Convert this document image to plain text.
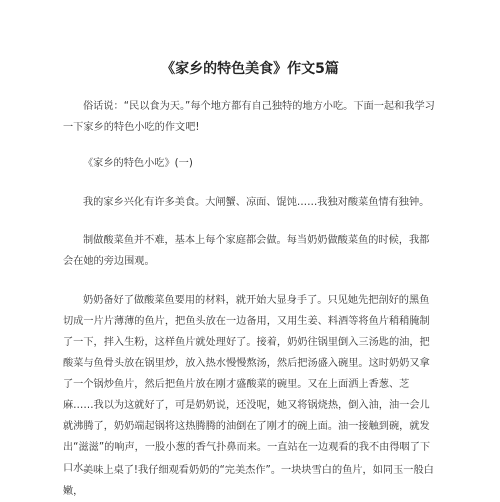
《家乡的特色美食》作文5篇

俗话说：“民以食为天。”每个地方都有自己独特的地方小吃。下面一起和我学习一下家乡的特色小吃的作文吧!

《家乡的特色小吃》(一)

我的家乡兴化有许多美食。大闸蟹、凉面、馄饨……我独对酸菜鱼情有独钟。

制做酸菜鱼并不难，基本上每个家庭都会做。每当奶奶做酸菜鱼的时候，我都会在她的旁边围观。

奶奶备好了做酸菜鱼要用的材料，就开始大显身手了。只见她先把剖好的黑鱼切成一片片薄薄的鱼片，把鱼头放在一边备用，又用生姜、料酒等将鱼片稍稍腌制了一下，拌入生粉，这样鱼片就处理好了。接着，奶奶往锅里倒入三汤匙的油，把酸菜与鱼骨头放在锅里炒，放入热水慢慢熬汤，然后把汤盛入碗里。这时奶奶又拿了一个锅炒鱼片，然后把鱼片放在刚才盛酸菜的碗里。又在上面洒上香葱、芝麻……我以为这就好了，可是奶奶说，还没呢，她又将锅烧热，倒入油，油一会儿就沸腾了，奶奶端起锅将这热腾腾的油倒在了刚才的碗上面。油一接触到碗，就发出“滋滋”的响声，一股小葱的香气扑鼻而来。一直站在一边观看的我不由得咽了下口水。

美味上桌了!我仔细观看奶奶的“完美杰作”。一块块雪白的鱼片，如同玉一般白嫩，
